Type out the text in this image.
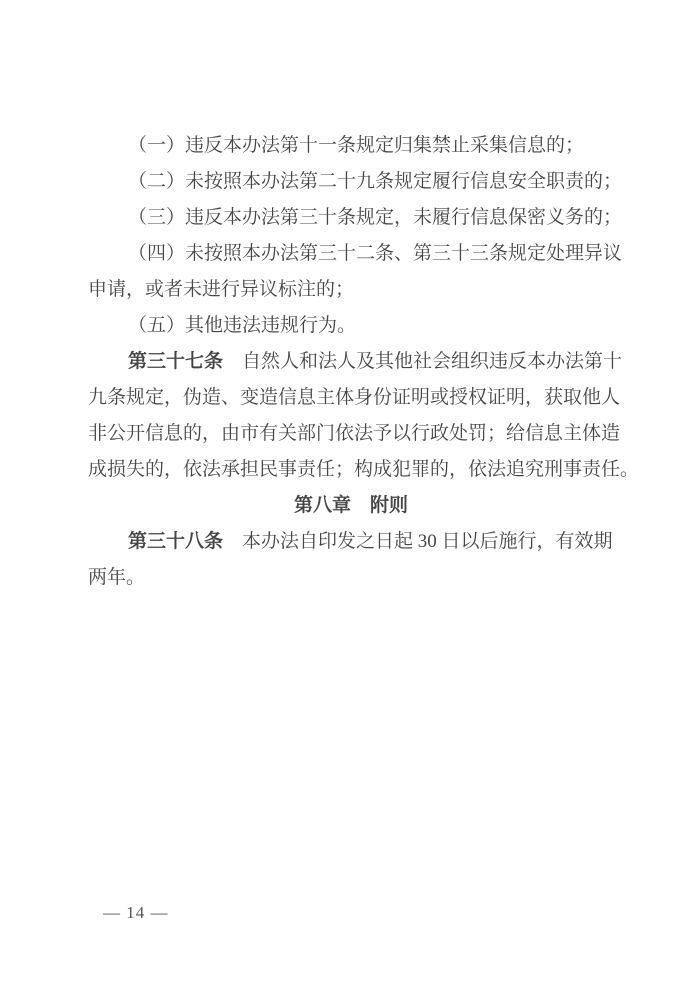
（一）违反本办法第十一条规定归集禁止采集信息的；
（二）未按照本办法第二十九条规定履行信息安全职责的；
（三）违反本办法第三十条规定，未履行信息保密义务的；
（四）未按照本办法第三十二条、第三十三条规定处理异议
申请，或者未进行异议标注的；
（五）其他违法违规行为。
第三十七条　自然人和法人及其他社会组织违反本办法第十
九条规定，伪造、变造信息主体身份证明或授权证明，获取他人
非公开信息的，由市有关部门依法予以行政处罚；给信息主体造
成损失的，依法承担民事责任；构成犯罪的，依法追究刑事责任。
第八章　附则
第三十八条　本办法自印发之日起 30 日以后施行，有效期
两年。
— 14 —
